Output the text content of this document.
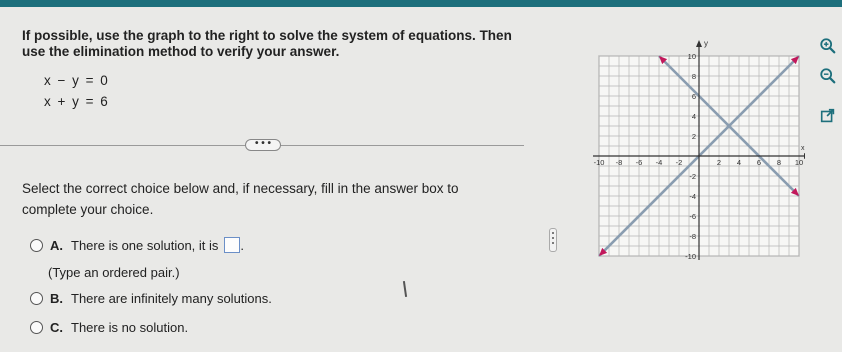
If possible, use the graph to the right to solve the system of equations. Then use the elimination method to verify your answer.
x − y = 0
x + y = 6
• • •
Select the correct choice below and, if necessary, fill in the answer box to complete your choice.
A. There is one solution, it is .
(Type an ordered pair.)
B. There are infinitely many solutions.
C. There is no solution.
y
x
-10 -8 -6 -4 -2	2 4 6 8 10
10
8
6
4
2
-2
-4
-6
-8
-10
